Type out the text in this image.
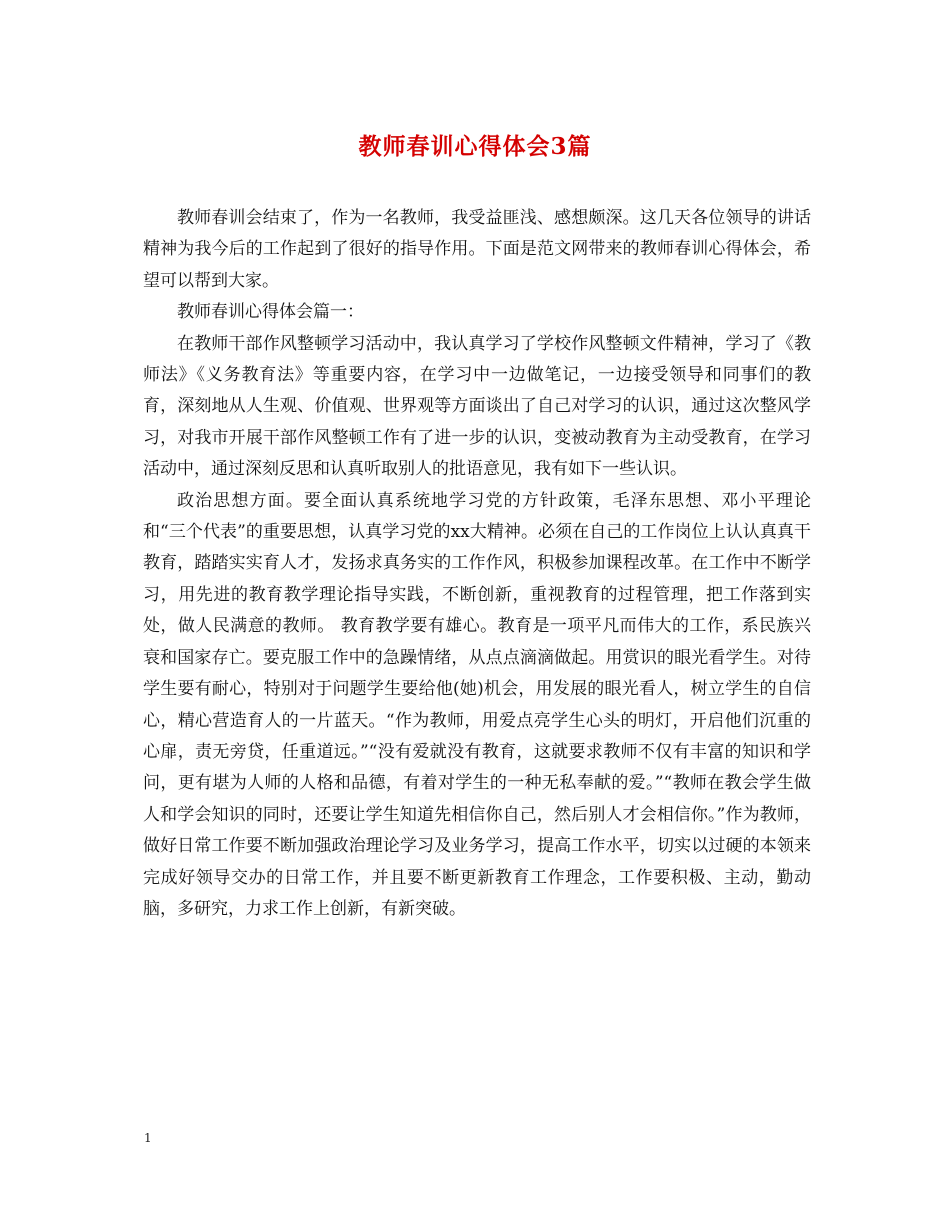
教师春训心得体会3篇

教师春训会结束了，作为一名教师，我受益匪浅、感想颇深。这几天各位领导的讲话精神为我今后的工作起到了很好的指导作用。下面是范文网带来的教师春训心得体会，希望可以帮到大家。

教师春训心得体会篇一：

在教师干部作风整顿学习活动中，我认真学习了学校作风整顿文件精神，学习了《教师法》《义务教育法》等重要内容，在学习中一边做笔记，一边接受领导和同事们的教育，深刻地从人生观、价值观、世界观等方面谈出了自己对学习的认识，通过这次整风学习，对我市开展干部作风整顿工作有了进一步的认识，变被动教育为主动受教育，在学习活动中，通过深刻反思和认真听取别人的批语意见，我有如下一些认识。

政治思想方面。要全面认真系统地学习党的方针政策，毛泽东思想、邓小平理论和“三个代表”的重要思想，认真学习党的xx大精神。必须在自己的工作岗位上认认真真干教育，踏踏实实育人才，发扬求真务实的工作作风，积极参加课程改革。在工作中不断学习，用先进的教育教学理论指导实践，不断创新，重视教育的过程管理，把工作落到实处，做人民满意的教师。 教育教学要有雄心。教育是一项平凡而伟大的工作，系民族兴衰和国家存亡。要克服工作中的急躁情绪，从点点滴滴做起。用赏识的眼光看学生。对待学生要有耐心，特别对于问题学生要给他(她)机会，用发展的眼光看人，树立学生的自信心，精心营造育人的一片蓝天。“作为教师，用爱点亮学生心头的明灯，开启他们沉重的心扉，责无旁贷，任重道远。”“没有爱就没有教育，这就要求教师不仅有丰富的知识和学问，更有堪为人师的人格和品德，有着对学生的一种无私奉献的爱。”“教师在教会学生做人和学会知识的同时，还要让学生知道先相信你自己，然后别人才会相信你。”作为教师，做好日常工作要不断加强政治理论学习及业务学习，提高工作水平，切实以过硬的本领来完成好领导交办的日常工作，并且要不断更新教育工作理念，工作要积极、主动，勤动脑，多研究，力求工作上创新，有新突破。

1
